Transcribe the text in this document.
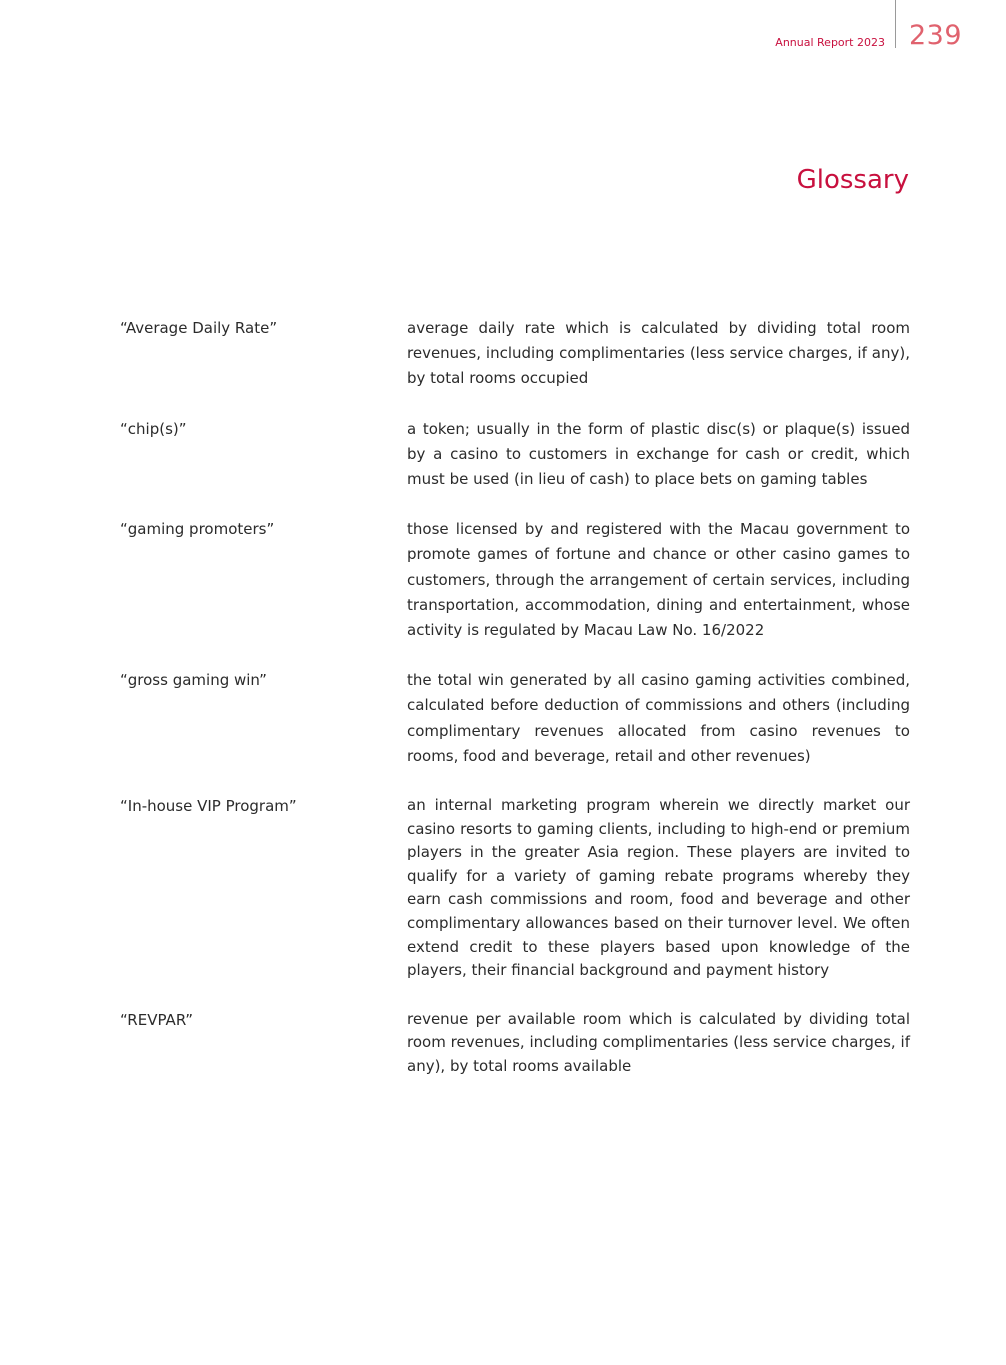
Annual Report 2023 239
Glossary
“Average Daily Rate”	average daily rate which is calculated by dividing total room revenues, including complimentaries (less service charges, if any), by total rooms occupied
“chip(s)”	a token; usually in the form of plastic disc(s) or plaque(s) issued by a casino to customers in exchange for cash or credit, which must be used (in lieu of cash) to place bets on gaming tables
“gaming promoters”	those licensed by and registered with the Macau government to promote games of fortune and chance or other casino games to customers, through the arrangement of certain services, including transportation, accommodation, dining and entertainment, whose activity is regulated by Macau Law No. 16/2022
“gross gaming win”	the total win generated by all casino gaming activities combined, calculated before deduction of commissions and others (including complimentary revenues allocated from casino revenues to rooms, food and beverage, retail and other revenues)
“In-house VIP Program”	an internal marketing program wherein we directly market our casino resorts to gaming clients, including to high-end or premium players in the greater Asia region. These players are invited to qualify for a variety of gaming rebate programs whereby they earn cash commissions and room, food and beverage and other complimentary allowances based on their turnover level. We often extend credit to these players based upon knowledge of the players, their financial background and payment history
“REVPAR”	revenue per available room which is calculated by dividing total room revenues, including complimentaries (less service charges, if any), by total rooms available
